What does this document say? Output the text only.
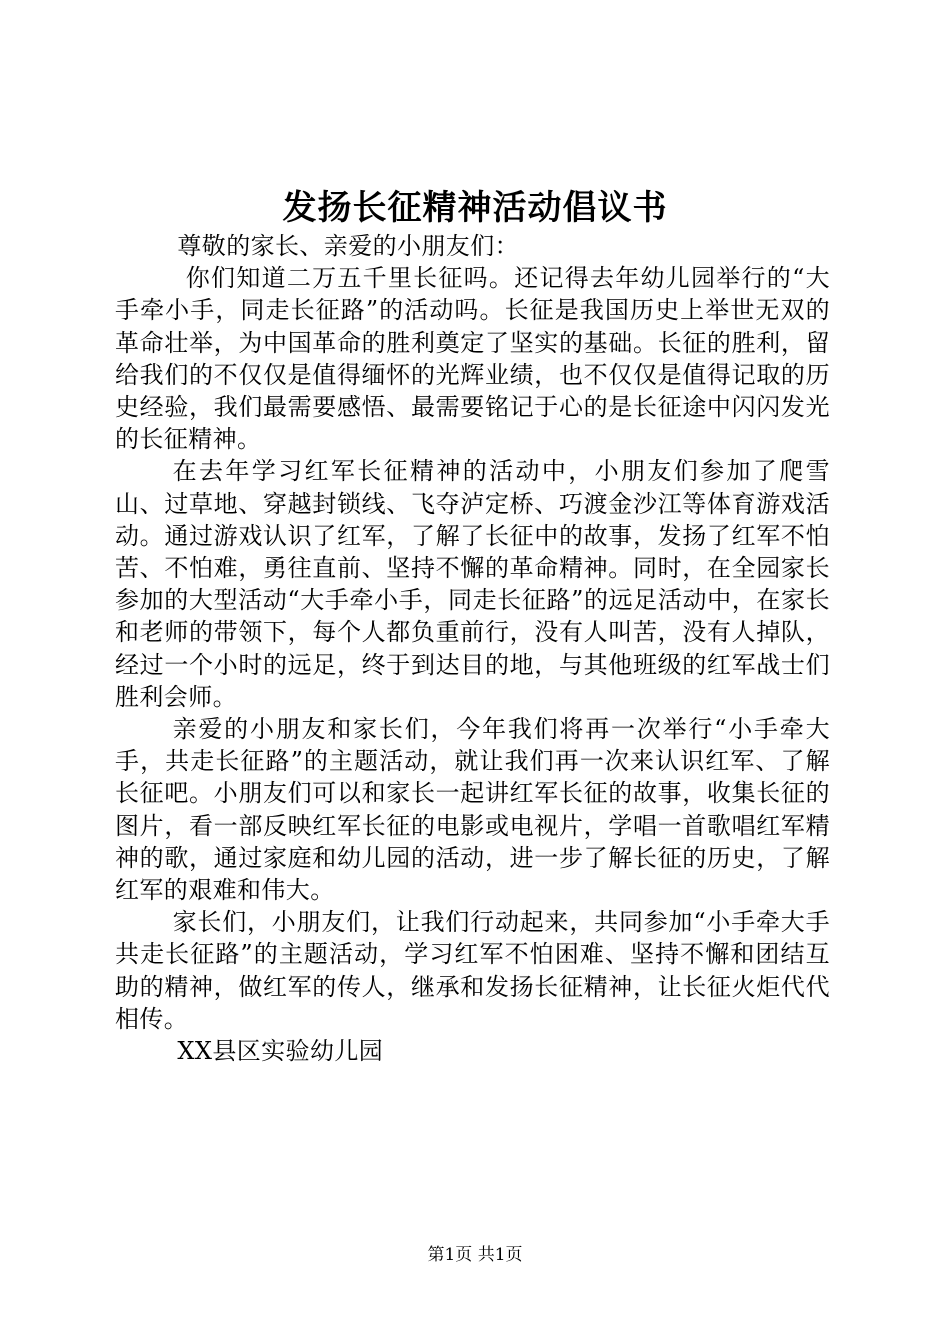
发扬长征精神活动倡议书

尊敬的家长、亲爱的小朋友们：

你们知道二万五千里长征吗。还记得去年幼儿园举行的“大手牵小手，同走长征路”的活动吗。长征是我国历史上举世无双的革命壮举，为中国革命的胜利奠定了坚实的基础。长征的胜利，留给我们的不仅仅是值得缅怀的光辉业绩，也不仅仅是值得记取的历史经验，我们最需要感悟、最需要铭记于心的是长征途中闪闪发光的长征精神。

在去年学习红军长征精神的活动中，小朋友们参加了爬雪山、过草地、穿越封锁线、飞夺泸定桥、巧渡金沙江等体育游戏活动。通过游戏认识了红军，了解了长征中的故事，发扬了红军不怕苦、不怕难，勇往直前、坚持不懈的革命精神。同时，在全园家长参加的大型活动“大手牵小手，同走长征路”的远足活动中，在家长和老师的带领下，每个人都负重前行，没有人叫苦，没有人掉队，经过一个小时的远足，终于到达目的地，与其他班级的红军战士们胜利会师。

亲爱的小朋友和家长们，今年我们将再一次举行“小手牵大手，共走长征路”的主题活动，就让我们再一次来认识红军、了解长征吧。小朋友们可以和家长一起讲红军长征的故事，收集长征的图片，看一部反映红军长征的电影或电视片，学唱一首歌唱红军精神的歌，通过家庭和幼儿园的活动，进一步了解长征的历史，了解红军的艰难和伟大。

家长们，小朋友们，让我们行动起来，共同参加“小手牵大手共走长征路”的主题活动，学习红军不怕困难、坚持不懈和团结互助的精神，做红军的传人，继承和发扬长征精神，让长征火炬代代相传。

XX县区实验幼儿园

第1页 共1页
